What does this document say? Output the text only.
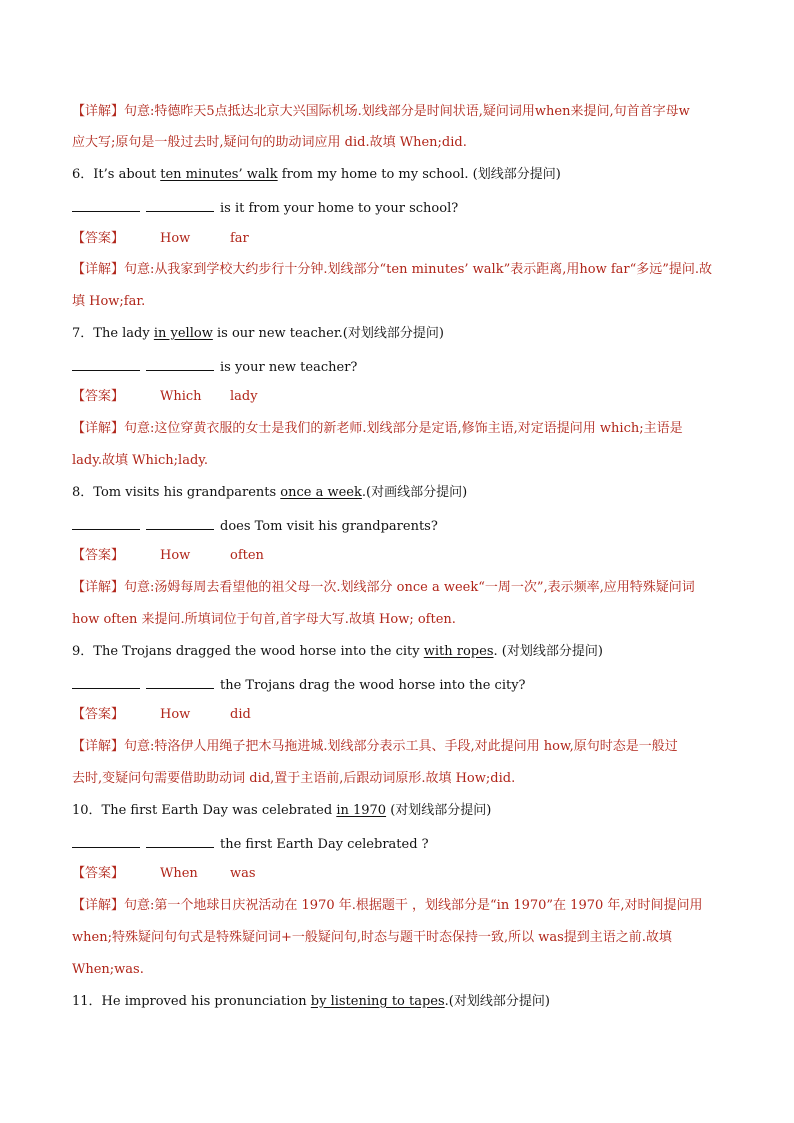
【详解】句意:特德昨天5点抵达北京大兴国际机场.划线部分是时间状语,疑问词用when来提问,句首首字母w
应大写;原句是一般过去时,疑问句的助动词应用 did.故填 When;did.
6．It’s about ten minutes’ walk from my home to my school. (划线部分提问)
is it from your home to your school?
【答案】	How	far
【详解】句意:从我家到学校大约步行十分钟.划线部分“ten minutes’ walk”表示距离,用how far“多远”提问.故
填 How;far.
7．The lady in yellow is our new teacher.(对划线部分提问)
is your new teacher?
【答案】	Which lady
【详解】句意:这位穿黄衣服的女士是我们的新老师.划线部分是定语,修饰主语,对定语提问用 which;主语是
lady.故填 Which;lady.
8．Tom visits his grandparents once a week.(对画线部分提问)
does Tom visit his grandparents?
【答案】	How	often
【详解】句意:汤姆每周去看望他的祖父母一次.划线部分 once a week“一周一次”,表示频率,应用特殊疑问词
how often 来提问.所填词位于句首,首字母大写.故填 How; often.
9．The Trojans dragged the wood horse into the city with ropes. (对划线部分提问)
the Trojans drag the wood horse into the city?
【答案】	How	did
【详解】句意:特洛伊人用绳子把木马拖进城.划线部分表示工具、手段,对此提问用 how,原句时态是一般过
去时,变疑问句需要借助助动词 did,置于主语前,后跟动词原形.故填 How;did.
10．The first Earth Day was celebrated in 1970 (对划线部分提问)
the first Earth Day celebrated ?
【答案】	When was
【详解】句意:第一个地球日庆祝活动在 1970 年.根据题干 ，划线部分是“in 1970”在 1970 年,对时间提问用
when;特殊疑问句句式是特殊疑问词+一般疑问句,时态与题干时态保持一致,所以 was提到主语之前.故填
When;was.
11．He improved his pronunciation by listening to tapes.(对划线部分提问)
